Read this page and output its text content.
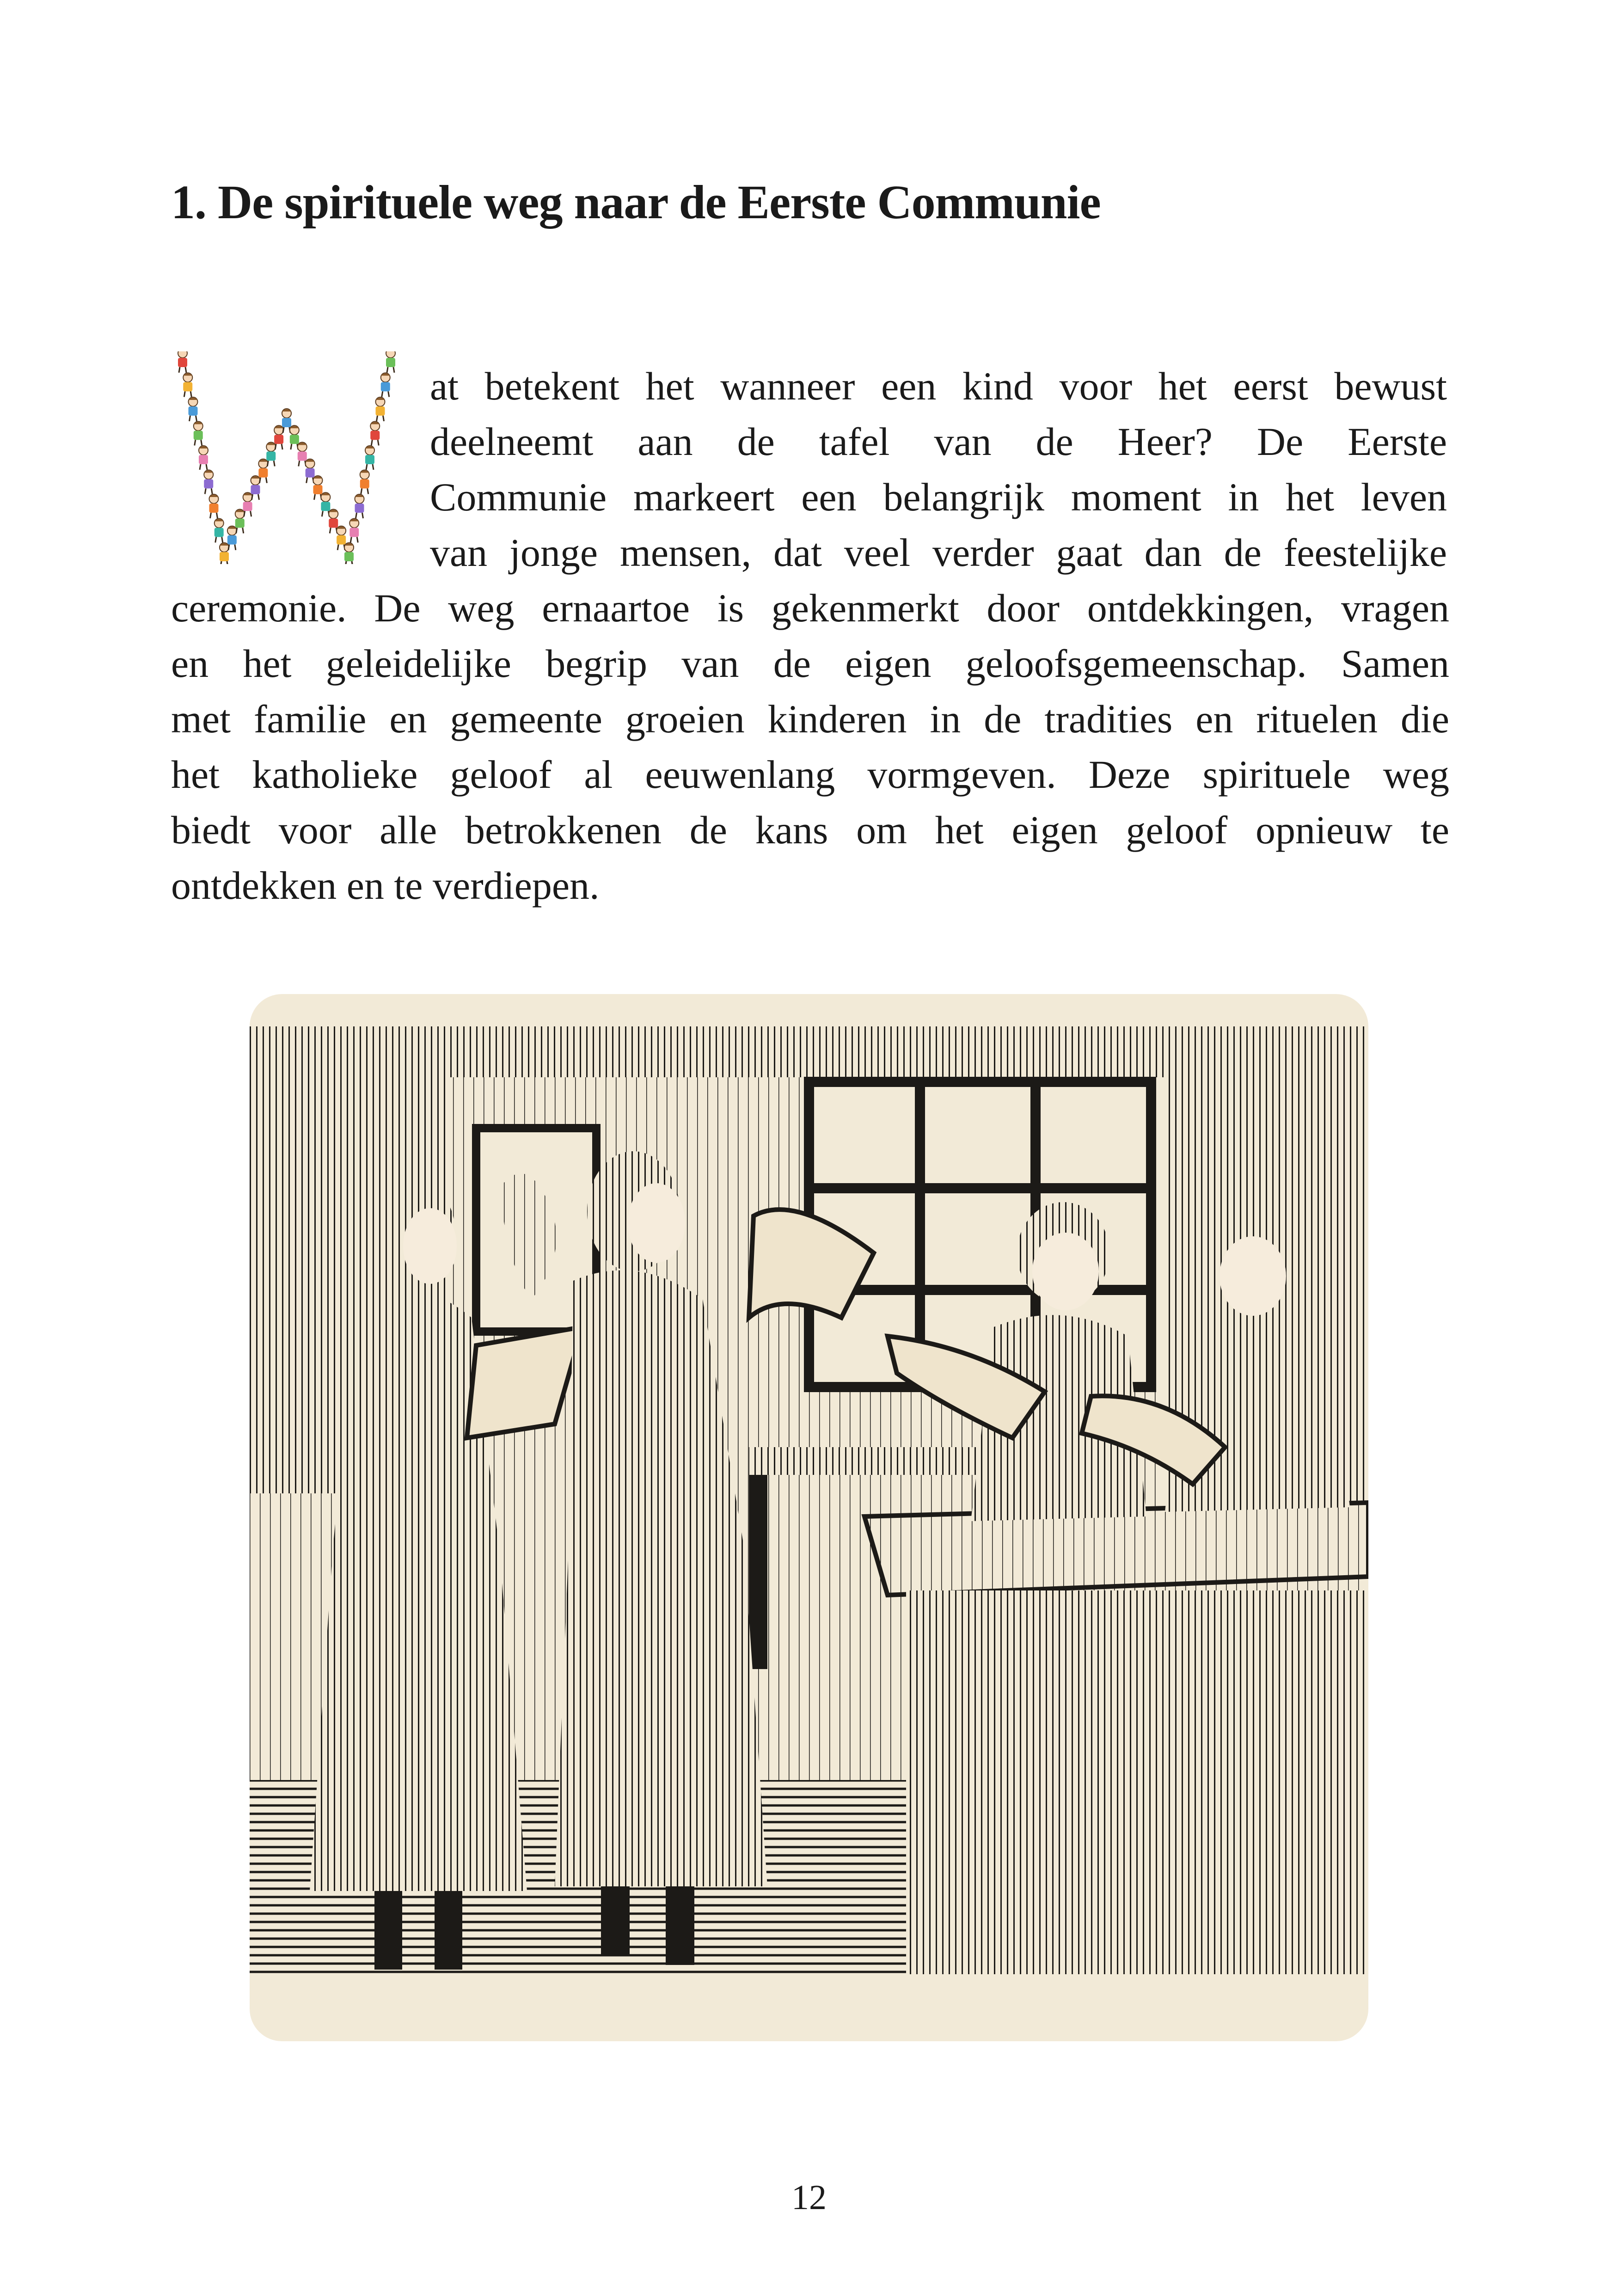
1. De spirituele weg naar de Eerste Communie
at betekent het wanneer een kind voor het eerst bewust
deelneemt aan de tafel van de Heer? De Eerste
Communie markeert een belangrijk moment in het leven
van jonge mensen, dat veel verder gaat dan de feestelijke
ceremonie. De weg ernaartoe is gekenmerkt door ontdekkingen, vragen
en het geleidelijke begrip van de eigen geloofsgemeenschap. Samen
met familie en gemeente groeien kinderen in de tradities en rituelen die
het katholieke geloof al eeuwenlang vormgeven. Deze spirituele weg
biedt voor alle betrokkenen de kans om het eigen geloof opnieuw te
ontdekken en te verdiepen.
12
